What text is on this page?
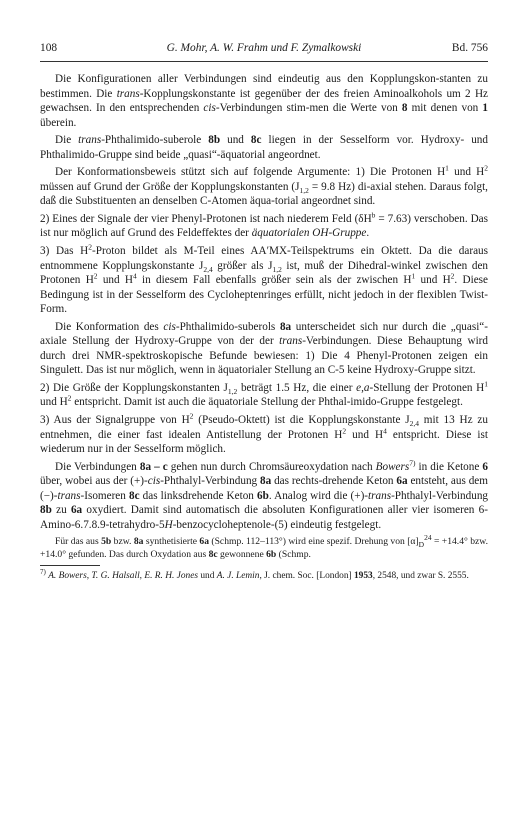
108	G. Mohr, A. W. Frahm und F. Zymalkowski	Bd. 756

Die Konfigurationen aller Verbindungen sind eindeutig aus den Kopplungskon-stanten zu bestimmen. Die trans-Kopplungskonstante ist gegenüber der des freien Aminoalkohols um 2 Hz gewachsen. In den entsprechenden cis-Verbindungen stim-men die Werte von 8 mit denen von 1 überein.

Die trans-Phthalimido-suberole 8b und 8c liegen in der Sesselform vor. Hydroxy- und Phthalimido-Gruppe sind beide „quasi“-äquatorial angeordnet.

Der Konformationsbeweis stützt sich auf folgende Argumente: 1) Die Protonen $H^1$ und $H^2$ müssen auf Grund der Größe der Kopplungskonstanten ($J_{1,2} = 9.8$ Hz) di-axial stehen. Daraus folgt, daß die Substituenten an denselben C-Atomen äqua-torial angeordnet sind.

2) Eines der Signale der vier Phenyl-Protonen ist nach niederem Feld $(\delta H^b = 7.63)$ verschoben. Das ist nur möglich auf Grund des Feldeffektes der äquatorialen OH-Gruppe.

3) Das $H^2$-Proton bildet als M-Teil eines AA′MX-Teilspektrums ein Oktett. Da die daraus entnommene Kopplungskonstante $J_{2,4}$ größer als $J_{1,2}$ ist, muß der Dihedral-winkel zwischen den Protonen $H^2$ und $H^4$ in diesem Fall ebenfalls größer sein als der zwischen $H^1$ und $H^2$. Diese Bedingung ist in der Sesselform des Cycloheptenringes erfüllt, nicht jedoch in der flexiblen Twist-Form.

Die Konformation des cis-Phthalimido-suberols 8a unterscheidet sich nur durch die „quasi“-axiale Stellung der Hydroxy-Gruppe von der der trans-Verbindungen. Diese Behauptung wird durch drei NMR-spektroskopische Befunde bewiesen: 1) Die 4 Phenyl-Protonen zeigen ein Singulett. Das ist nur möglich, wenn in äquatorialer Stellung an C-5 keine Hydroxy-Gruppe sitzt.

2) Die Größe der Kopplungskonstanten $J_{1,2}$ beträgt 1.5 Hz, die einer e,a-Stellung der Protonen $H^1$ und $H^2$ entspricht. Damit ist auch die äquatoriale Stellung der Phthal-imido-Gruppe festgelegt.

3) Aus der Signalgruppe von $H^2$ (Pseudo-Oktett) ist die Kopplungskonstante $J_{2,4}$ mit 13 Hz zu entnehmen, die einer fast idealen Antistellung der Protonen $H^2$ und $H^4$ entspricht. Diese ist wiederum nur in der Sesselform möglich.

Die Verbindungen 8a – c gehen nun durch Chromsäureoxydation nach Bowers$^{7)}$ in die Ketone 6 über, wobei aus der (+)-cis-Phthalyl-Verbindung 8a das rechts-drehende Keton 6a entsteht, aus dem (−)-trans-Isomeren 8c das linksdrehende Keton 6b. Analog wird die (+)-trans-Phthalyl-Verbindung 8b zu 6a oxydiert. Damit sind automatisch die absoluten Konfigurationen aller vier isomeren 6-Amino-6.7.8.9-tetrahydro-5H-benzocycloheptenole-(5) eindeutig festgelegt.

Für das aus 5b bzw. 8a synthetisierte 6a (Schmp. 112–113°) wird eine spezif. Drehung von $[\alpha]_D^{24} = +14.4^\circ$ bzw. +14.0° gefunden. Das durch Oxydation aus 8c gewonnene 6b (Schmp.

$^{7)}$ A. Bowers, T. G. Halsall, E. R. H. Jones und A. J. Lemin, J. chem. Soc. [London] 1953, 2548, und zwar S. 2555.
